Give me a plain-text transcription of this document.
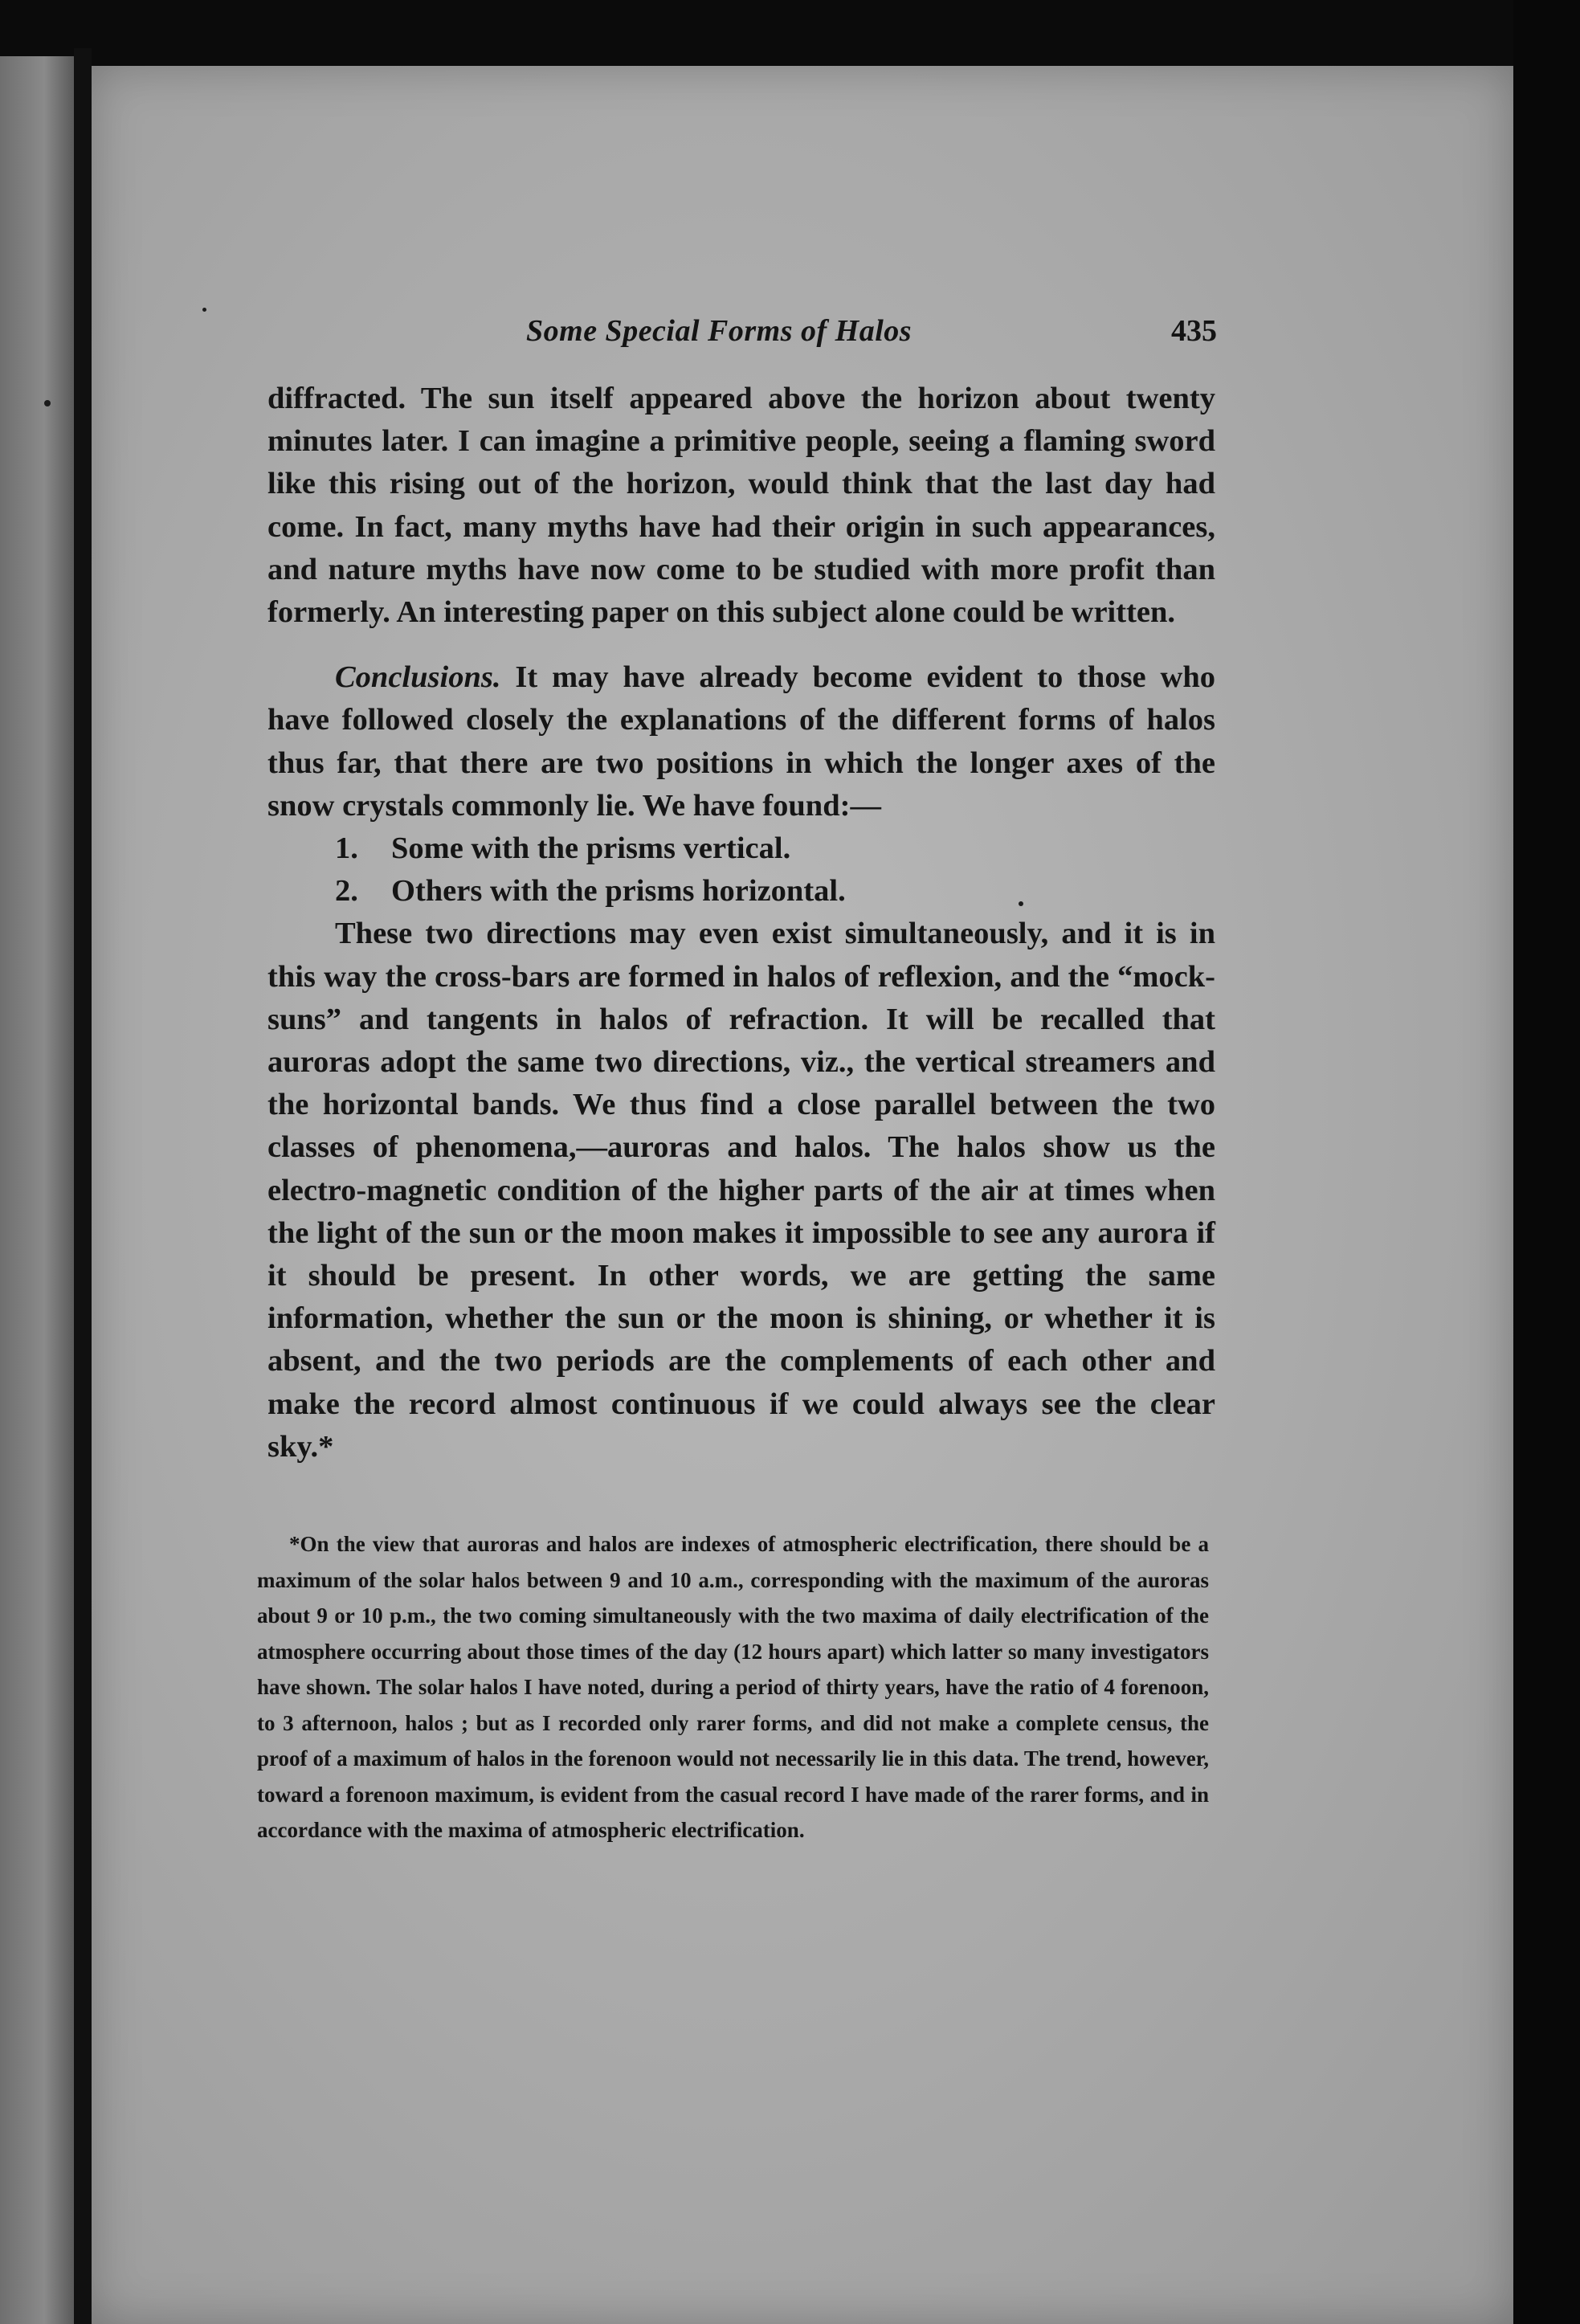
Some Special Forms of Halos	435

diffracted. The sun itself appeared above the horizon about twenty minutes later. I can imagine a primitive people, seeing a flaming sword like this rising out of the horizon, would think that the last day had come. In fact, many myths have had their origin in such appearances, and nature myths have now come to be studied with more profit than formerly. An interesting paper on this subject alone could be written.

Conclusions. It may have already become evident to those who have followed closely the explanations of the different forms of halos thus far, that there are two positions in which the longer axes of the snow crystals commonly lie. We have found:—

1. Some with the prisms vertical.

2. Others with the prisms horizontal.

These two directions may even exist simultaneously, and it is in this way the cross-bars are formed in halos of reflexion, and the “mock-suns” and tangents in halos of refraction. It will be recalled that auroras adopt the same two directions, viz., the vertical streamers and the horizontal bands. We thus find a close parallel between the two classes of phenomena,—auroras and halos. The halos show us the electro-magnetic condition of the higher parts of the air at times when the light of the sun or the moon makes it impossible to see any aurora if it should be present. In other words, we are getting the same information, whether the sun or the moon is shining, or whether it is absent, and the two periods are the complements of each other and make the record almost continuous if we could always see the clear sky.*

*On the view that auroras and halos are indexes of atmospheric electrification, there should be a maximum of the solar halos between 9 and 10 a.m., corresponding with the maximum of the auroras about 9 or 10 p.m., the two coming simultaneously with the two maxima of daily electrification of the atmosphere occurring about those times of the day (12 hours apart) which latter so many investigators have shown. The solar halos I have noted, during a period of thirty years, have the ratio of 4 forenoon, to 3 afternoon, halos ; but as I recorded only rarer forms, and did not make a complete census, the proof of a maximum of halos in the forenoon would not necessarily lie in this data. The trend, however, toward a forenoon maximum, is evident from the casual record I have made of the rarer forms, and in accordance with the maxima of atmospheric electrification.
